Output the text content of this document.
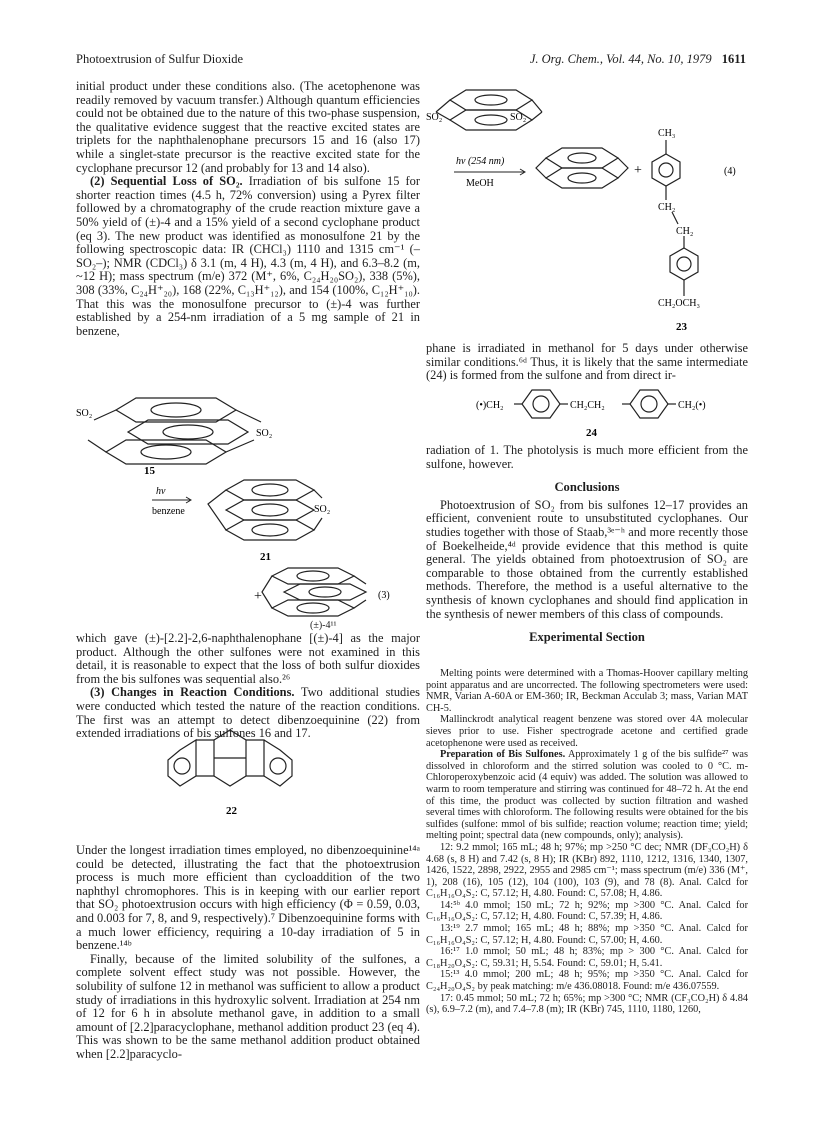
Photoextrusion of Sulfur Dioxide	J. Org. Chem., Vol. 44, No. 10, 1979 1611

initial product under these conditions also. (The acetophenone was readily removed by vacuum transfer.) Although quantum efficiencies could not be obtained due to the nature of this two-phase suspension, the qualitative evidence suggest that the reactive excited states are triplets for the naphthalenophane precursors 15 and 16 (also 17) while a singlet-state precursor is the reactive excited state for the cyclophane precursor 12 (and probably for 13 and 14 also).

(2) Sequential Loss of SO₂. Irradiation of bis sulfone 15 for shorter reaction times (4.5 h, 72% conversion) using a Pyrex filter followed by a chromatography of the crude reaction mixture gave a 50% yield of (±)-4 and a 15% yield of a second cyclophane product (eq 3). The new product was identified as monosulfone 21 by the following spectroscopic data: IR (CHCl₃) 1110 and 1315 cm⁻¹ (–SO₂–); NMR (CDCl₃) δ 3.1 (m, 4 H), 4.3 (m, 4 H), and 6.3–8.2 (m, ~12 H); mass spectrum (m/e) 372 (M⁺, 6%, C₂₄H₂₀SO₂), 338 (5%), 308 (33%, C₂₄H⁺₂₀), 168 (22%, C₁₃H⁺₁₂), and 154 (100%, C₁₂H⁺₁₀). That this was the monosulfone precursor to (±)-4 was further established by a 254-nm irradiation of a 5 mg sample of 21 in benzene,

SO₂
SO₂
15
hν
benzene	SO₂
21
+	(3)
(±)-4¹¹

which gave (±)-[2.2]-2,6-naphthalenophane [(±)-4] as the major product. Although the other sulfones were not examined in this detail, it is reasonable to expect that the loss of both sulfur dioxides from the bis sulfones was sequential also.²⁶

(3) Changes in Reaction Conditions. Two additional studies were conducted which tested the nature of the reaction conditions. The first was an attempt to detect dibenzoequinine (22) from extended irradiations of bis sulfones 16 and 17.

22

Under the longest irradiation times employed, no dibenzoequinine¹⁴ᵃ could be detected, illustrating the fact that the photoextrusion process is much more efficient than cycloaddition of the two naphthyl chromophores. This is in keeping with our earlier report that SO₂ photoextrusion occurs with high efficiency (Φ = 0.59, 0.03, and 0.003 for 7, 8, and 9, respectively).⁷ Dibenzoequinine forms with a much lower efficiency, requiring a 10-day irradiation of 5 in benzene.¹⁴ᵇ

Finally, because of the limited solubility of the sulfones, a complete solvent effect study was not possible. However, the solubility of sulfone 12 in methanol was sufficient to allow a product study of irradiations in this hydroxylic solvent. Irradiation at 254 nm of 12 for 6 h in absolute methanol gave, in addition to a small amount of [2.2]paracyclophane, methanol addition product 23 (eq 4). This was shown to be the same methanol addition product obtained when [2.2]paracyclo-

SO₂	SO₂
hν (254 nm)
MeOH
+
CH₃
CH₂
CH₂
CH₂OCH₃
23
(4)

phane is irradiated in methanol for 5 days under otherwise similar conditions.⁶ᵈ Thus, it is likely that the same intermediate (24) is formed from the sulfone and from direct ir-

(•)CH₂	CH₂CH₂	CH₂(•)
24

radiation of 1. The photolysis is much more efficient from the sulfone, however.

Conclusions

Photoextrusion of SO₂ from bis sulfones 12–17 provides an efficient, convenient route to unsubstituted cyclophanes. Our studies together with those of Staab,³ᵉ⁻ʰ and more recently those of Boekelheide,⁴ᵈ provide evidence that this method is quite general. The yields obtained from photoextrusion of SO₂ are comparable to those obtained from the currently established methods. Therefore, the method is a useful alternative to the synthesis of known cyclophanes and should find application in the synthesis of newer members of this class of compounds.

Experimental Section

Melting points were determined with a Thomas-Hoover capillary melting point apparatus and are uncorrected. The following spectrometers were used: NMR, Varian A-60A or EM-360; IR, Beckman Acculab 3; mass, Varian MAT CH-5.

Mallinckrodt analytical reagent benzene was stored over 4A molecular sieves prior to use. Fisher spectrograde acetone and certified grade acetophenone were used as received.

Preparation of Bis Sulfones. Approximately 1 g of the bis sulfide²⁷ was dissolved in chloroform and the stirred solution was cooled to 0 °C. m-Chloroperoxybenzoic acid (4 equiv) was added. The solution was allowed to warm to room temperature and stirring was continued for 48–72 h. At the end of this time, the product was collected by suction filtration and washed several times with chloroform. The following results were obtained for the bis sulfides (sulfone: mmol of bis sulfide; reaction volume; reaction time; yield; melting point; spectral data (new compounds, only); analysis).

12: 9.2 mmol; 165 mL; 48 h; 97%; mp >250 °C dec; NMR (DF₃CO₂H) δ 4.68 (s, 8 H) and 7.42 (s, 8 H); IR (KBr) 892, 1110, 1212, 1316, 1340, 1307, 1426, 1522, 2898, 2922, 2955 and 2985 cm⁻¹; mass spectrum (m/e) 336 (M⁺, 1), 208 (16), 105 (12), 104 (100), 103 (9), and 78 (8). Anal. Calcd for C₁₆H₁₆O₄S₂: C, 57.12; H, 4.80. Found: C, 57.08; H, 4.86.

14:⁵ᵇ 4.0 mmol; 150 mL; 72 h; 92%; mp >300 °C. Anal. Calcd for C₁₆H₁₆O₄S₂: C, 57.12; H, 4.80. Found: C, 57.39; H, 4.86.

13:¹⁹ 2.7 mmol; 165 mL; 48 h; 88%; mp >350 °C. Anal. Calcd for C₁₆H₁₆O₄S₂: C, 57.12; H, 4.80. Found: C, 57.00; H, 4.60.

16:¹⁷ 1.0 mmol; 50 mL; 48 h; 83%; mp > 300 °C. Anal. Calcd for C₁₈H₂₀O₄S₂: C, 59.31; H, 5.54. Found: C, 59.01; H, 5.41.

15:¹³ 4.0 mmol; 200 mL; 48 h; 95%; mp >350 °C. Anal. Calcd for C₂₄H₂₀O₄S₂ by peak matching: m/e 436.08018. Found: m/e 436.07559.

17: 0.45 mmol; 50 mL; 72 h; 65%; mp >300 °C; NMR (CF₃CO₂H) δ 4.84 (s), 6.9–7.2 (m), and 7.4–7.8 (m); IR (KBr) 745, 1110, 1180, 1260,
